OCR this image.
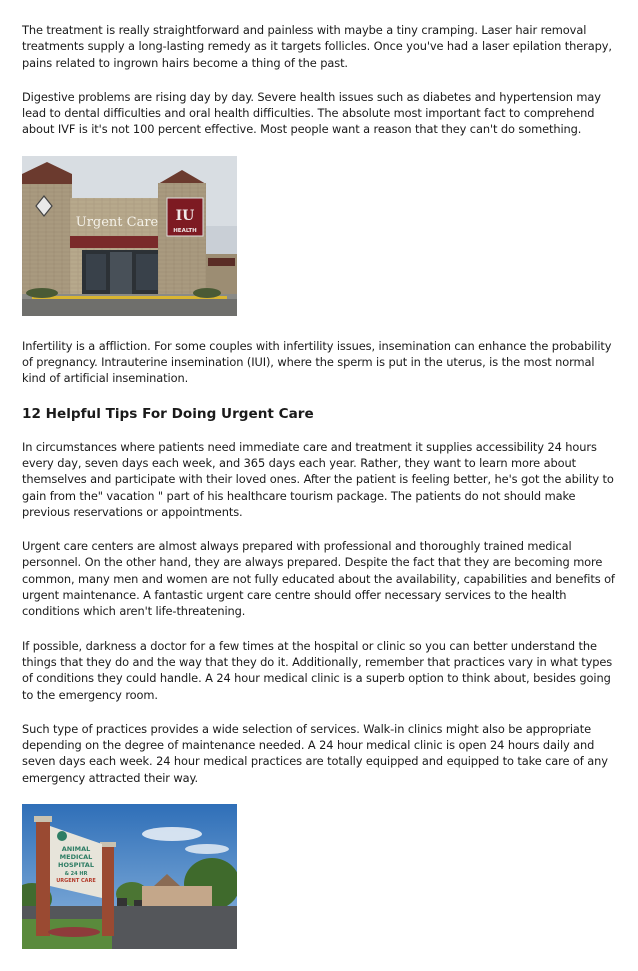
The treatment is really straightforward and painless with maybe a tiny cramping. Laser hair removal treatments supply a long-lasting remedy as it targets follicles. Once you've had a laser epilation therapy, pains related to ingrown hairs become a thing of the past.

Digestive problems are rising day by day. Severe health issues such as diabetes and hypertension may lead to dental difficulties and oral health difficulties. The absolute most important fact to comprehend about IVF is it's not 100 percent effective. Most people want a reason that they can't do something.

Urgent Care IU
HEALTH

Infertility is a affliction. For some couples with infertility issues, insemination can enhance the probability of pregnancy. Intrauterine insemination (IUI), where the sperm is put in the uterus, is the most normal kind of artificial insemination.

12 Helpful Tips For Doing Urgent Care

In circumstances where patients need immediate care and treatment it supplies accessibility 24 hours every day, seven days each week, and 365 days each year. Rather, they want to learn more about themselves and participate with their loved ones. After the patient is feeling better, he's got the ability to gain from the" vacation " part of his healthcare tourism package. The patients do not should make previous reservations or appointments.

Urgent care centers are almost always prepared with professional and thoroughly trained medical personnel. On the other hand, they are always prepared. Despite the fact that they are becoming more common, many men and women are not fully educated about the availability, capabilities and benefits of urgent maintenance. A fantastic urgent care centre should offer necessary services to the health conditions which aren't life-threatening.

If possible, darkness a doctor for a few times at the hospital or clinic so you can better understand the things that they do and the way that they do it. Additionally, remember that practices vary in what types of conditions they could handle. A 24 hour medical clinic is a superb option to think about, besides going to the emergency room.

Such type of practices provides a wide selection of services. Walk-in clinics might also be appropriate depending on the degree of maintenance needed. A 24 hour medical clinic is open 24 hours daily and seven days each week. 24 hour medical practices are totally equipped and equipped to take care of any emergency attracted their way.

ANIMAL
MEDICAL
HOSPITAL
& 24 HR
URGENT CARE
